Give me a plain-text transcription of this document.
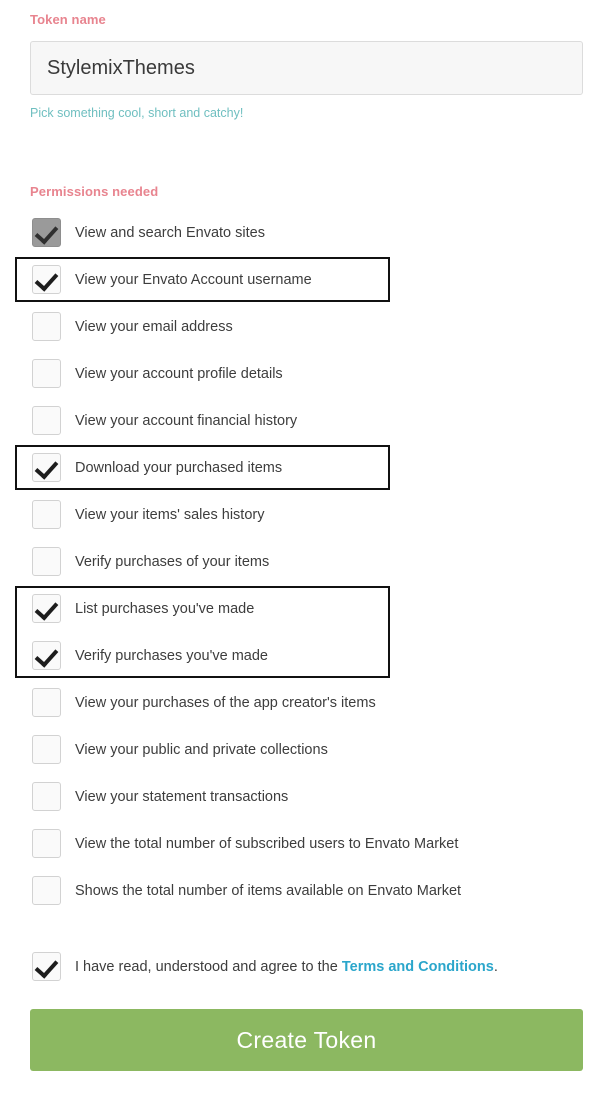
Token name
StylemixThemes
Pick something cool, short and catchy!
Permissions needed
View and search Envato sites
View your Envato Account username
View your email address
View your account profile details
View your account financial history
Download your purchased items
View your items' sales history
Verify purchases of your items
List purchases you've made
Verify purchases you've made
View your purchases of the app creator's items
View your public and private collections
View your statement transactions
View the total number of subscribed users to Envato Market
Shows the total number of items available on Envato Market
I have read, understood and agree to the Terms and Conditions.
Create Token
